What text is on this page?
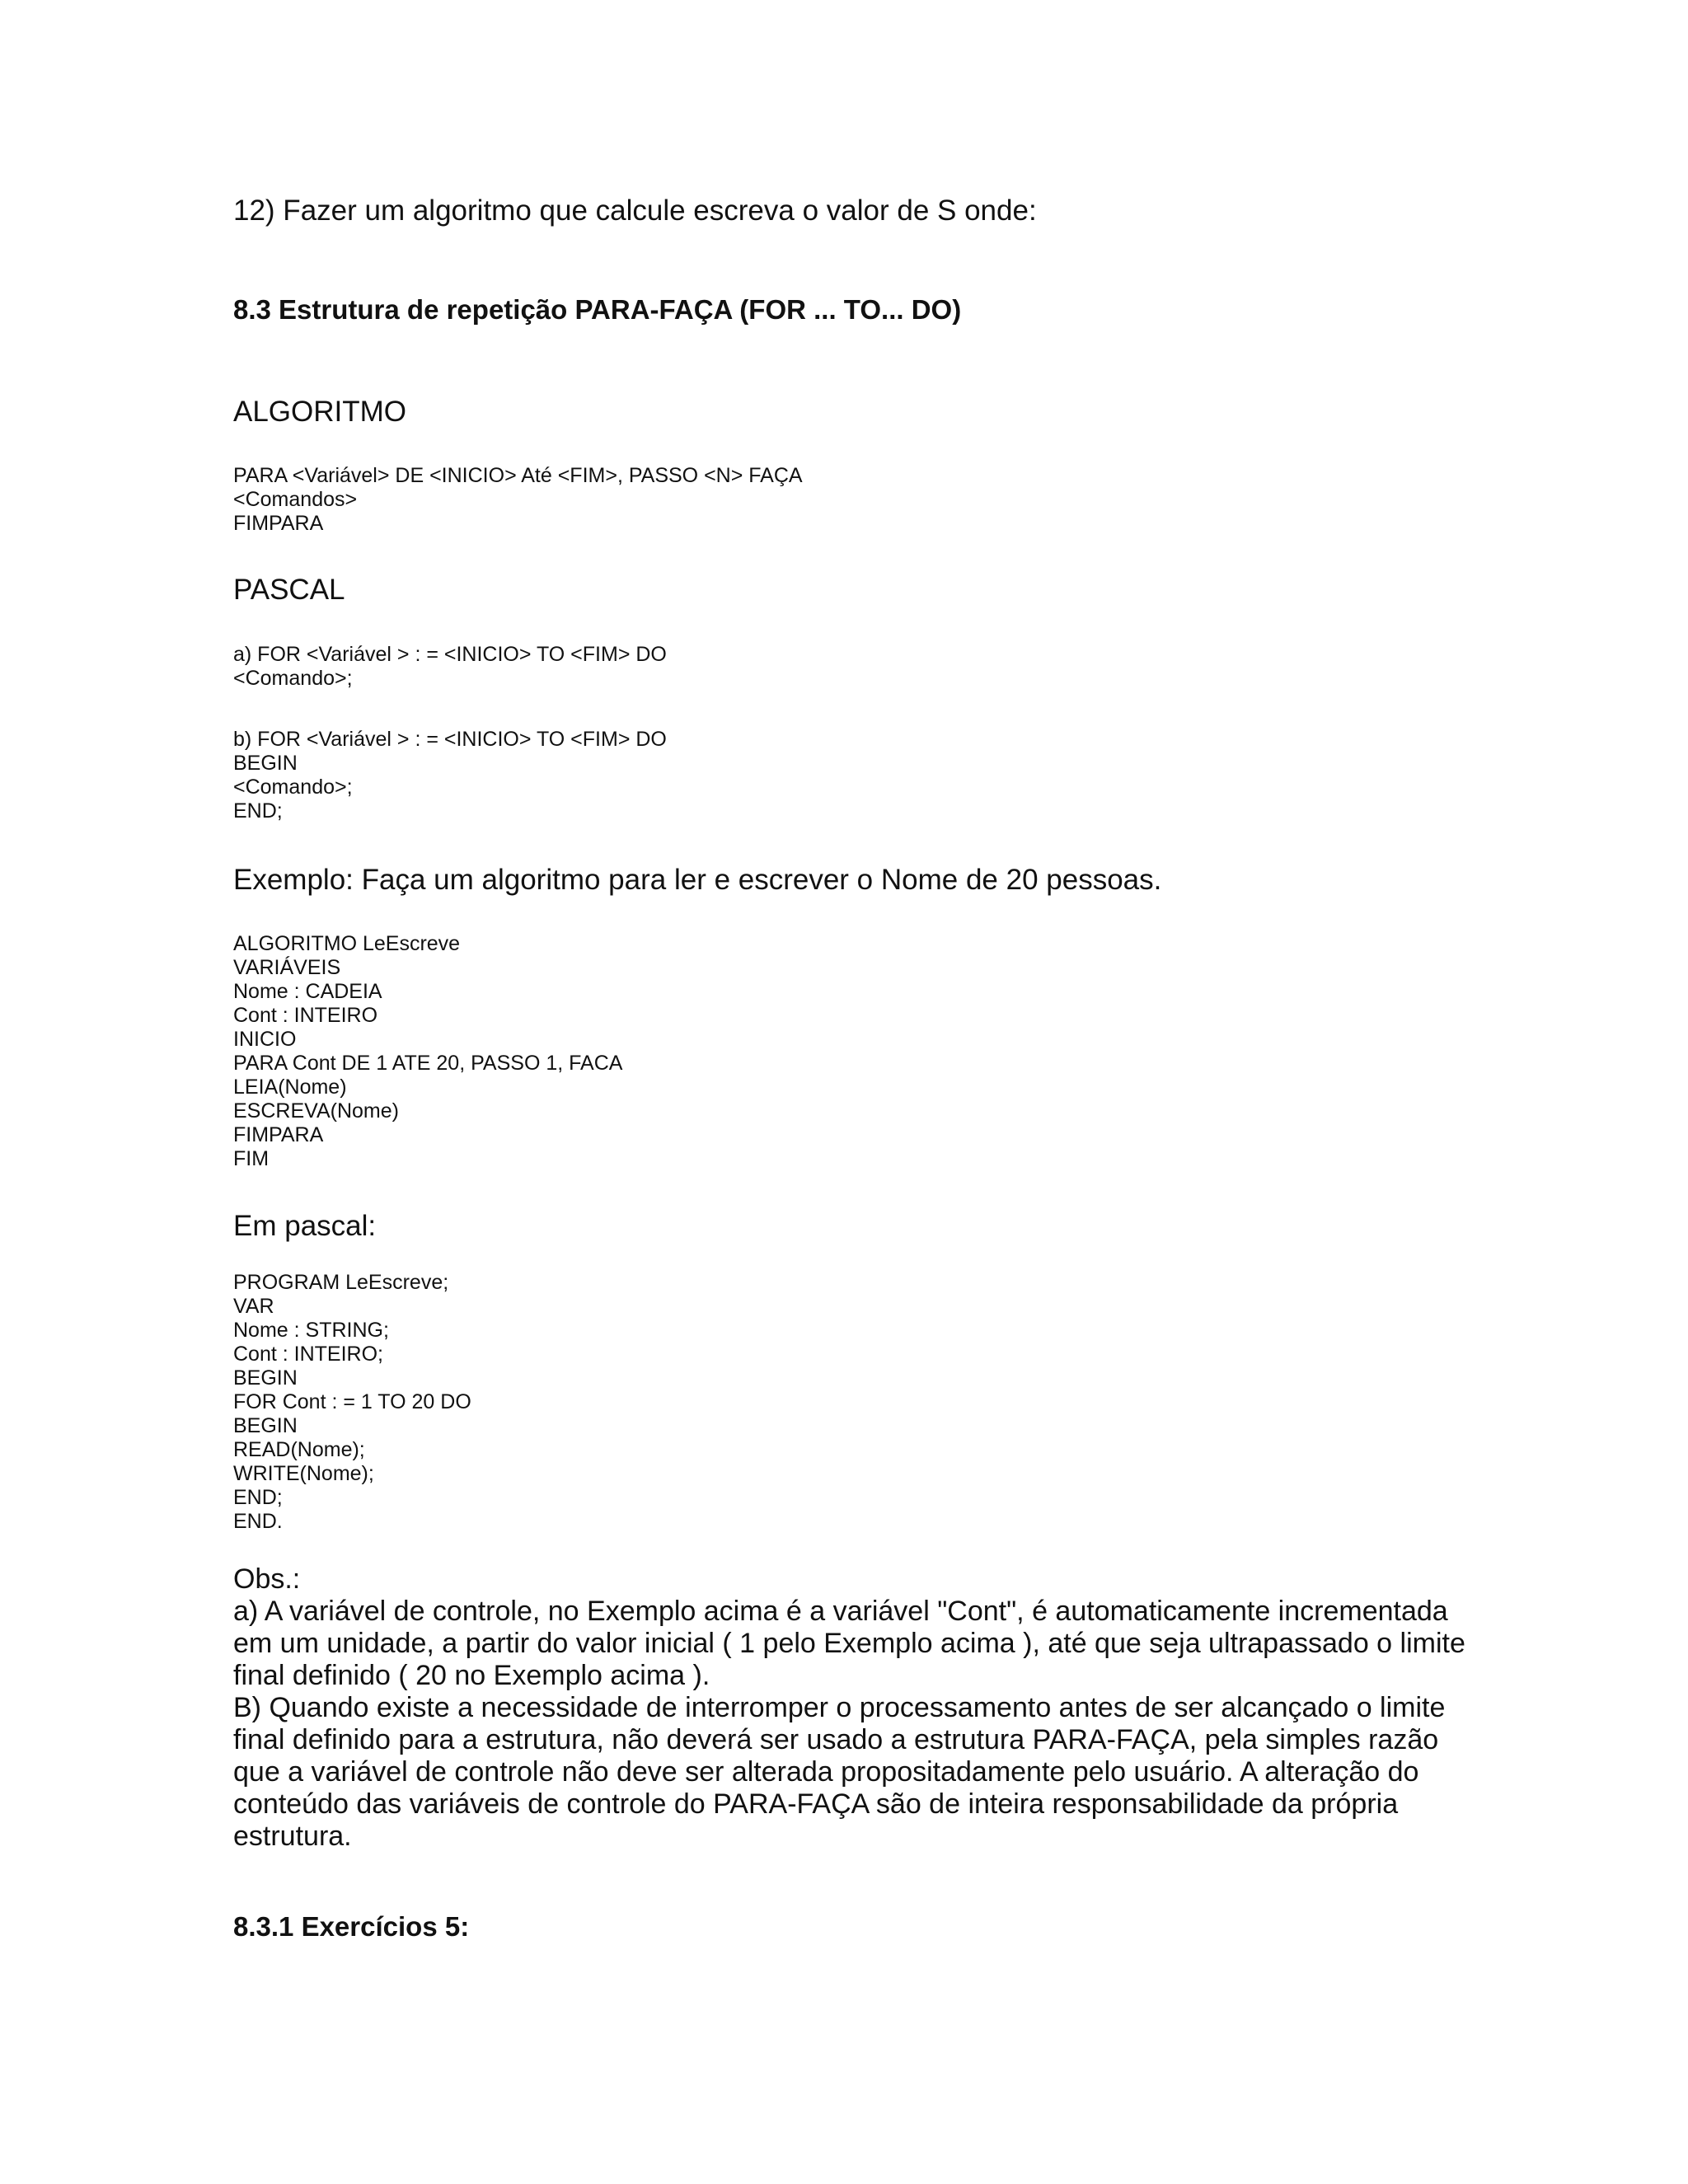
12) Fazer um algoritmo que calcule escreva o valor de S onde:

8.3 Estrutura de repetição PARA-FAÇA (FOR ... TO... DO)

ALGORITMO

PARA <Variável> DE <INICIO> Até <FIM>, PASSO <N> FAÇA
<Comandos>
FIMPARA

PASCAL

a) FOR <Variável > : = <INICIO> TO <FIM> DO
<Comando>;
b) FOR <Variável > : = <INICIO> TO <FIM> DO
BEGIN
<Comando>;
END;

Exemplo: Faça um algoritmo para ler e escrever o Nome de 20 pessoas.

ALGORITMO LeEscreve
VARIÁVEIS
Nome : CADEIA
Cont : INTEIRO
INICIO
PARA Cont DE 1 ATE 20, PASSO 1, FACA
LEIA(Nome)
ESCREVA(Nome)
FIMPARA
FIM

Em pascal:

PROGRAM LeEscreve;
VAR
Nome : STRING;
Cont : INTEIRO;
BEGIN
FOR Cont : = 1 TO 20 DO
BEGIN
READ(Nome);
WRITE(Nome);
END;
END.
Obs.:
a) A variável de controle, no Exemplo acima é a variável "Cont", é automaticamente incrementada
em um unidade, a partir do valor inicial ( 1 pelo Exemplo acima ), até que seja ultrapassado o limite
final definido ( 20 no Exemplo acima ).
B) Quando existe a necessidade de interromper o processamento antes de ser alcançado o limite
final definido para a estrutura, não deverá ser usado a estrutura PARA-FAÇA, pela simples razão
que a variável de controle não deve ser alterada propositadamente pelo usuário. A alteração do
conteúdo das variáveis de controle do PARA-FAÇA são de inteira responsabilidade da própria
estrutura.

8.3.1 Exercícios 5:
